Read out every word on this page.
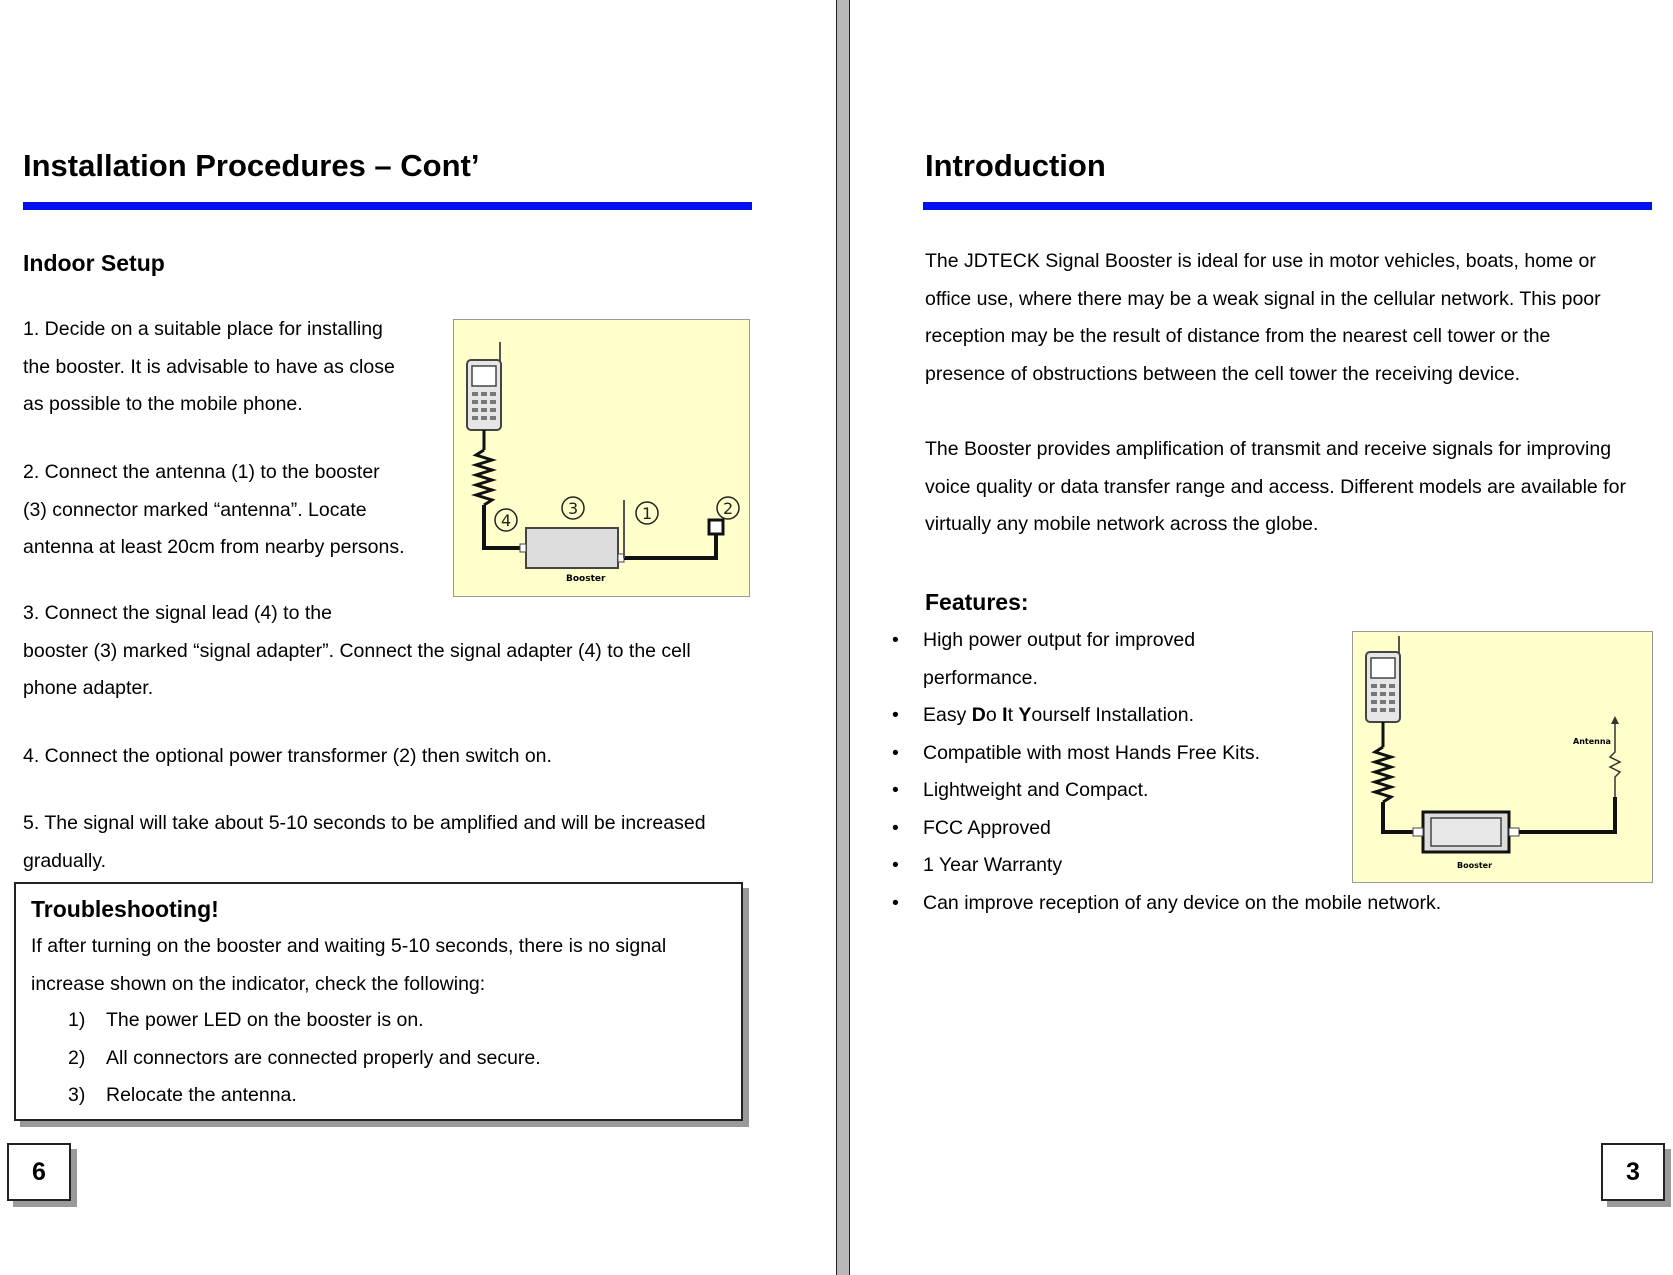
Installation Procedures – Cont’
Indoor Setup
1. Decide on a suitable place for installing
the booster. It is advisable to have as close
as possible to the mobile phone.
2. Connect the antenna (1) to the booster
(3) connector marked “antenna”. Locate
antenna at least 20cm from nearby persons.
3. Connect the signal lead (4) to the
booster (3) marked “signal adapter”. Connect the signal adapter (4) to the cell
phone adapter.
4. Connect the optional power transformer (2) then switch on.
5. The signal will take about 5-10 seconds to be amplified and will be increased
gradually.
Booster
4
3	1	2
Troubleshooting!
If after turning on the booster and waiting 5-10 seconds, there is no signal
increase shown on the indicator, check the following:
1)	The power LED on the booster is on.
2)	All connectors are connected properly and secure.
3)	Relocate the antenna.
6
Introduction
The JDTECK Signal Booster is ideal for use in motor vehicles, boats, home or
office use, where there may be a weak signal in the cellular network. This poor
reception may be the result of distance from the nearest cell tower or the
presence of obstructions between the cell tower the receiving device.
The Booster provides amplification of transmit and receive signals for improving
voice quality or data transfer range and access. Different models are available for
virtually any mobile network across the globe.
Features:
• High power output for improved performance.
• Easy Do It Yourself Installation.
• Compatible with most Hands Free Kits.
• Lightweight and Compact.
• FCC Approved
• 1 Year Warranty
• Can improve reception of any device on the mobile network.
Antenna
Booster
3
